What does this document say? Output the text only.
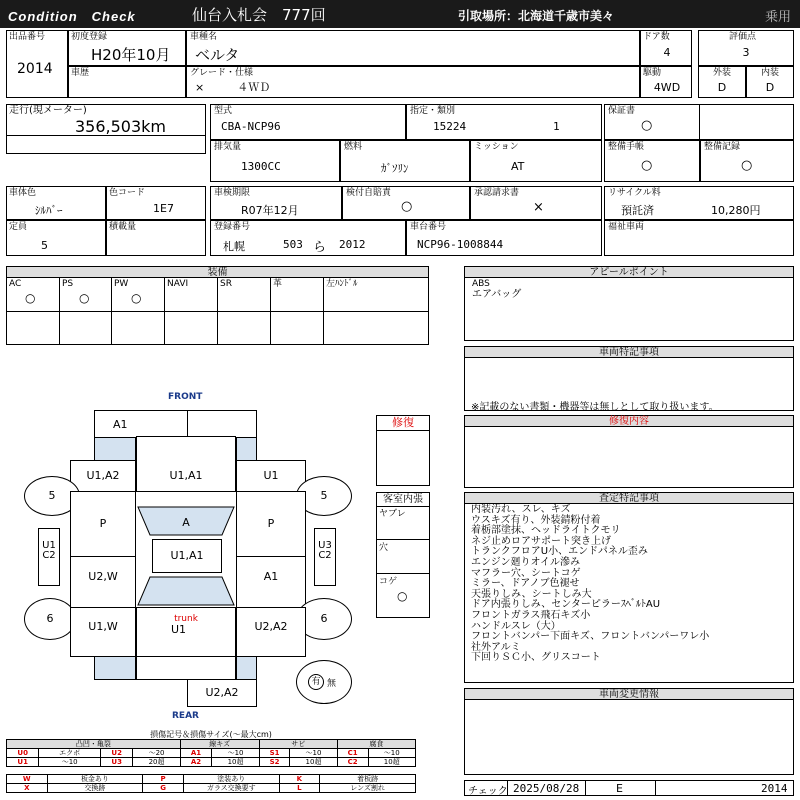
Condition　Check	仙台入札会　777回	引取場所：北海道千歳市美々	乗用
出品番号
2014
初度登録
H20年10月
車歴
車種名
ベルタ
グレード・仕様
×　　　４ＷＤ
ドア数
4
駆動
4WD
評価点
3
外装
D
内装
D
走行(現メーター)
356,503km
型式
CBA-NCP96
指定・類別
15224	1
排気量
1300CC
燃料
ｶﾞｿﾘﾝ
ミッション
AT
保証書
○
整備手帳
○
整備記録
○
車体色
ｼﾙﾊﾞｰ
色コード
1E7
定員
5
積載量
車検期限
R07年12月
検付自賠責
○
承認請求書
×
登録番号
札幌	503 ら 2012
車台番号
NCP96-1008844
リサイクル料
預託済	10,280円
福祉車両
装備
AC
○
PS
○
PW
○
NAVI	SR	革	左ﾊﾝﾄﾞﾙ
アピールポイント
ABS
エアバッグ
車両特記事項
※記載のない書類・機器等は無しとして取り扱います。
修復	修復内容
客室内張
ヤブレ
穴
コゲ
○
査定特記事項
内装汚れ、スレ、キズ
ウスキズ有り、外装錆粉付着
着栃部塗抹、ヘッドライトクモリ
ネジ止めロアサポート突き上げ
トランクフロアU小、エンドパネル歪み
エンジン廻りオイル滲み
マフラー穴、シートコゲ
ミラー、ドアノブ色褪せ
天張りしみ、シートしみ大
ドア内張りしみ、センターピラーｽﾍﾞﾙﾄAU
フロントガラス飛石キズ小
ハンドルスレ（大）
フロントバンパー下面キズ、フロントバンパーワレ小
社外アルミ
下回りＳＣ小、グリスコート
車両変更情報
チェック 2025/08/28	E	2014
FRONT
REAR
A1
U1,A2	U1,A1	U1
5	5
P	P
A
U1,A1
U1
C2
U3
C2
U2,W	A1
6	6
U1,W
trunk
U1	U2,A2
U2,A2
有 無
損傷記号＆損傷サイズ(～最大cm)
凸凹・亀裂				線キズ		サビ		腐食	
U0	エクボ	U2	～20	A1	～10	S1	～10	C1	～10
U1	～10	U3	20超	A2	10超	S2	10超	C2	10超
W	板金あり	P	塗装あり	K	着板跡
X	交換跡	G	ガラス交換要す	L	レンズ割れ
